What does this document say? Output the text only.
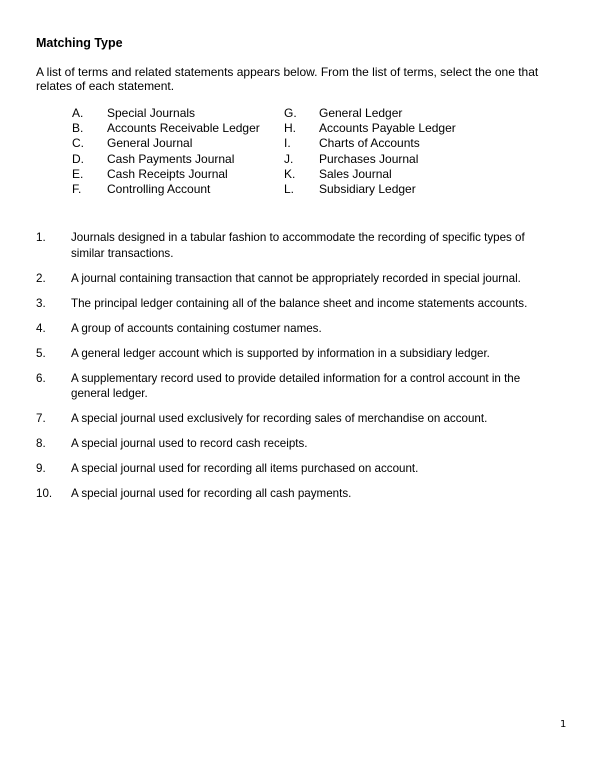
Matching Type
A list of terms and related statements appears below. From the list of terms, select the one that relates of each statement.
A.	Special Journals	G.	General Ledger
B.	Accounts Receivable Ledger	H.	Accounts Payable Ledger
C.	General Journal	I.	Charts of Accounts
D.	Cash Payments Journal	J.	Purchases Journal
E.	Cash Receipts Journal	K.	Sales Journal
F.	Controlling Account	L.	Subsidiary Ledger
1.	Journals designed in a tabular fashion to accommodate the recording of specific types of similar transactions.
2.	A journal containing transaction that cannot be appropriately recorded in special journal.
3.	The principal ledger containing all of the balance sheet and income statements accounts.
4.	A group of accounts containing costumer names.
5.	A general ledger account which is supported by information in a subsidiary ledger.
6.	A supplementary record used to provide detailed information for a control account in the general ledger.
7.	A special journal used exclusively for recording sales of merchandise on account.
8.	A special journal used to record cash receipts.
9.	A special journal used for recording all items purchased on account.
10.	A special journal used for recording all cash payments.
1
